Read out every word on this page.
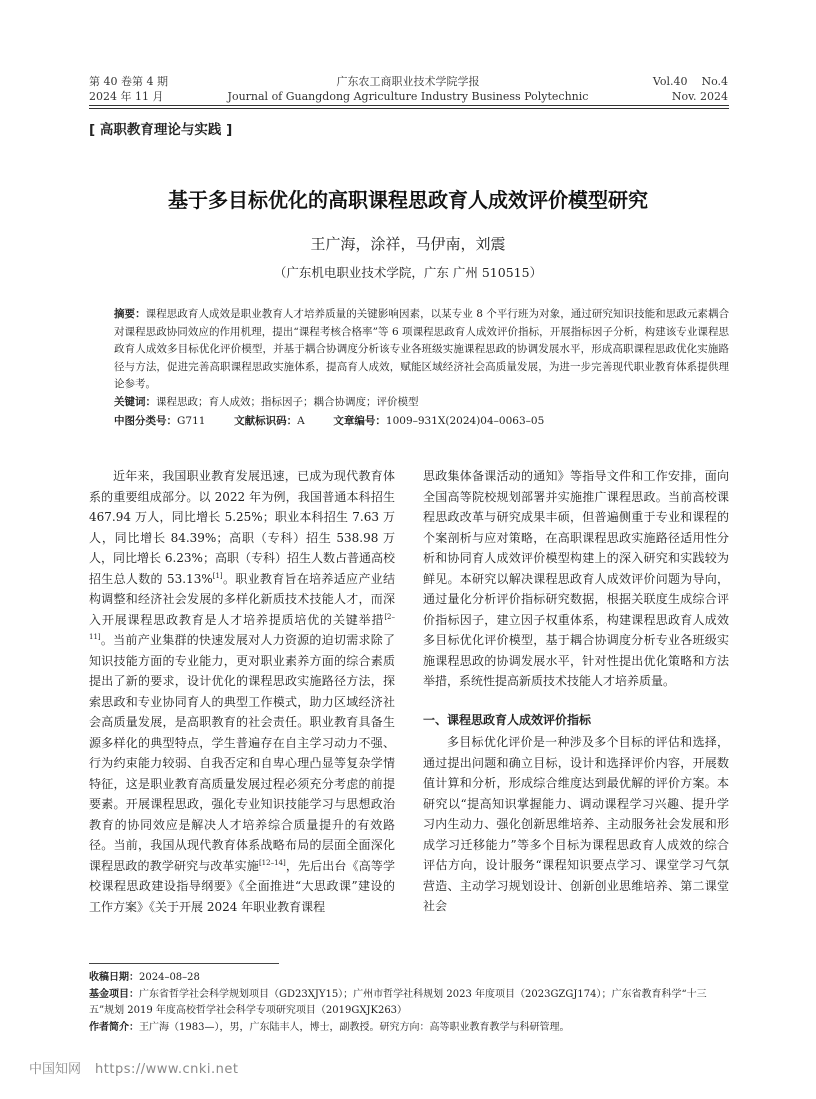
第 40 卷第 4 期
2024 年 11 月
广东农工商职业技术学院学报
Journal of Guangdong Agriculture Industry Business Polytechnic
Vol.40    No.4
Nov. 2024
[ 高职教育理论与实践 ]
基于多目标优化的高职课程思政育人成效评价模型研究
王广海，涂祥，马伊南，刘震
（广东机电职业技术学院，广东 广州 510515）
摘要：课程思政育人成效是职业教育人才培养质量的关键影响因素，以某专业 8 个平行班为对象，通过研究知识技能和思政元素耦合对课程思政协同效应的作用机理，提出“课程考核合格率”等 6 项课程思政育人成效评价指标，开展指标因子分析，构建该专业课程思政育人成效多目标优化评价模型，并基于耦合协调度分析该专业各班级实施课程思政的协调发展水平，形成高职课程思政优化实施路径与方法，促进完善高职课程思政实施体系，提高育人成效，赋能区域经济社会高质量发展，为进一步完善现代职业教育体系提供理论参考。
关键词：课程思政；育人成效；指标因子；耦合协调度；评价模型
中图分类号：G711	文献标识码：A	文章编号：1009–931X(2024)04–0063–05

近年来，我国职业教育发展迅速，已成为现代教育体系的重要组成部分。以 2022 年为例，我国普通本科招生 467.94 万人，同比增长 5.25%；职业本科招生 7.63 万人，同比增长 84.39%；高职（专科）招生 538.98 万人，同比增长 6.23%；高职（专科）招生人数占普通高校招生总人数的 53.13%[1]。职业教育旨在培养适应产业结构调整和经济社会发展的多样化新质技术技能人才，而深入开展课程思政教育是人才培养提质培优的关键举措[2–11]。当前产业集群的快速发展对人力资源的迫切需求除了知识技能方面的专业能力，更对职业素养方面的综合素质提出了新的要求，设计优化的课程思政实施路径方法，探索思政和专业协同育人的典型工作模式，助力区域经济社会高质量发展，是高职教育的社会责任。职业教育具备生源多样化的典型特点，学生普遍存在自主学习动力不强、行为约束能力较弱、自我否定和自卑心理凸显等复杂学情特征，这是职业教育高质量发展过程必须充分考虑的前提要素。开展课程思政，强化专业知识技能学习与思想政治教育的协同效应是解决人才培养综合质量提升的有效路径。当前，我国从现代教育体系战略布局的层面全面深化课程思政的教学研究与改革实施[12–14]，先后出台《高等学校课程思政建设指导纲要》《全面推进“大思政课”建设的工作方案》《关于开展 2024 年职业教育课程

思政集体备课活动的通知》等指导文件和工作安排，面向全国高等院校规划部署并实施推广课程思政。当前高校课程思政改革与研究成果丰硕，但普遍侧重于专业和课程的个案剖析与应对策略，在高职课程思政实施路径适用性分析和协同育人成效评价模型构建上的深入研究和实践较为鲜见。本研究以解决课程思政育人成效评价问题为导向，通过量化分析评价指标研究数据，根据关联度生成综合评价指标因子，建立因子权重体系，构建课程思政育人成效多目标优化评价模型，基于耦合协调度分析专业各班级实施课程思政的协调发展水平，针对性提出优化策略和方法举措，系统性提高新质技术技能人才培养质量。

一、课程思政育人成效评价指标

多目标优化评价是一种涉及多个目标的评估和选择，通过提出问题和确立目标，设计和选择评价内容，开展数值计算和分析，形成综合维度达到最优解的评价方案。本研究以“提高知识掌握能力、调动课程学习兴趣、提升学习内生动力、强化创新思维培养、主动服务社会发展和形成学习迁移能力”等多个目标为课程思政育人成效的综合评估方向，设计服务“课程知识要点学习、课堂学习气氛营造、主动学习规划设计、创新创业思维培养、第二课堂社会

收稿日期：2024–08–28
基金项目：广东省哲学社会科学规划项目（GD23XJY15）；广州市哲学社科规划 2023 年度项目（2023GZGJ174）；广东省教育科学“十三五”规划 2019 年度高校哲学社会科学专项研究项目（2019GXJK263）
作者简介：王广海（1983—），男，广东陆丰人，博士，副教授。研究方向：高等职业教育教学与科研管理。
中国知网 https://www.cnki.net
